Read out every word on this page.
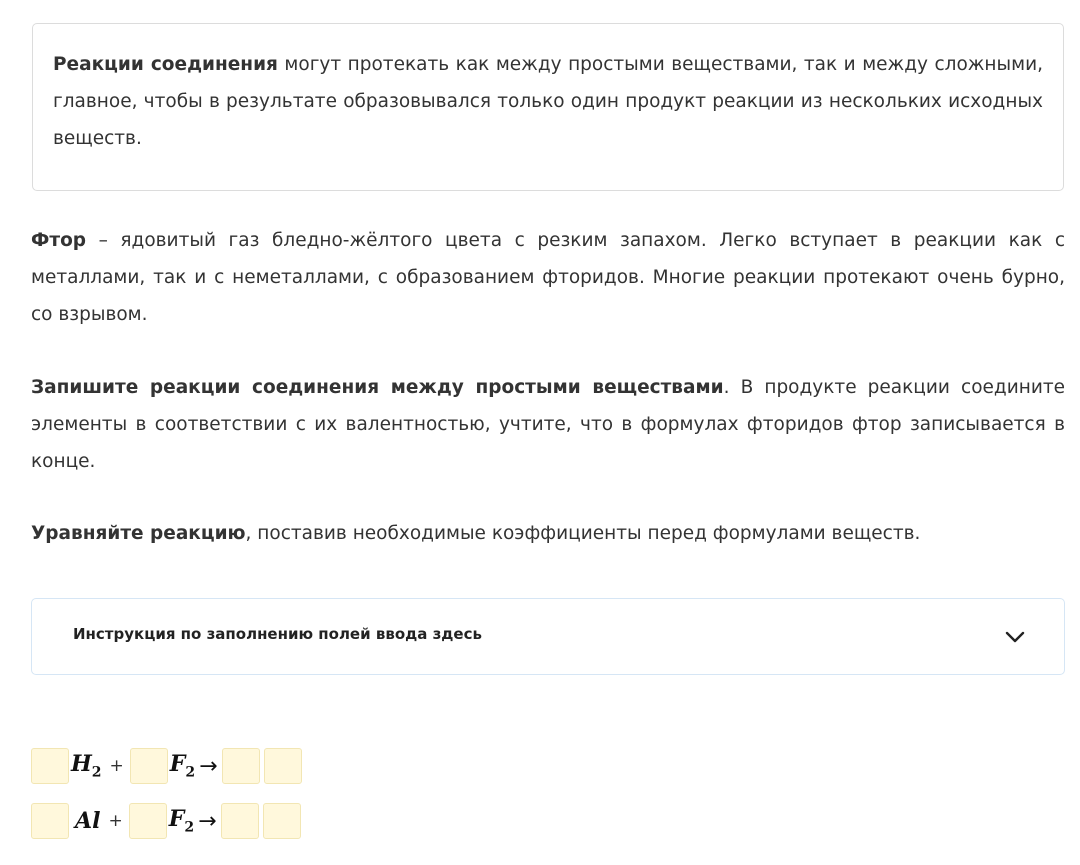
Реакции соединения могут протекать как между простыми веществами, так и между сложными, главное, чтобы в результате образовывался только один продукт реакции из нескольких исходных веществ.

Фтор – ядовитый газ бледно-жёлтого цвета с резким запахом. Легко вступает в реакции как с металлами, так и с неметаллами, с образованием фторидов. Многие реакции протекают очень бурно, со взрывом.

Запишите реакции соединения между простыми веществами. В продукте реакции соедините элементы в соответствии с их валентностью, учтите, что в формулах фторидов фтор записывается в конце.

Уравняйте реакцию, поставив необходимые коэффициенты перед формулами веществ.

Инструкция по заполнению полей ввода здесь
$H_2 + F_2$ →
$Al + F_2$ →
